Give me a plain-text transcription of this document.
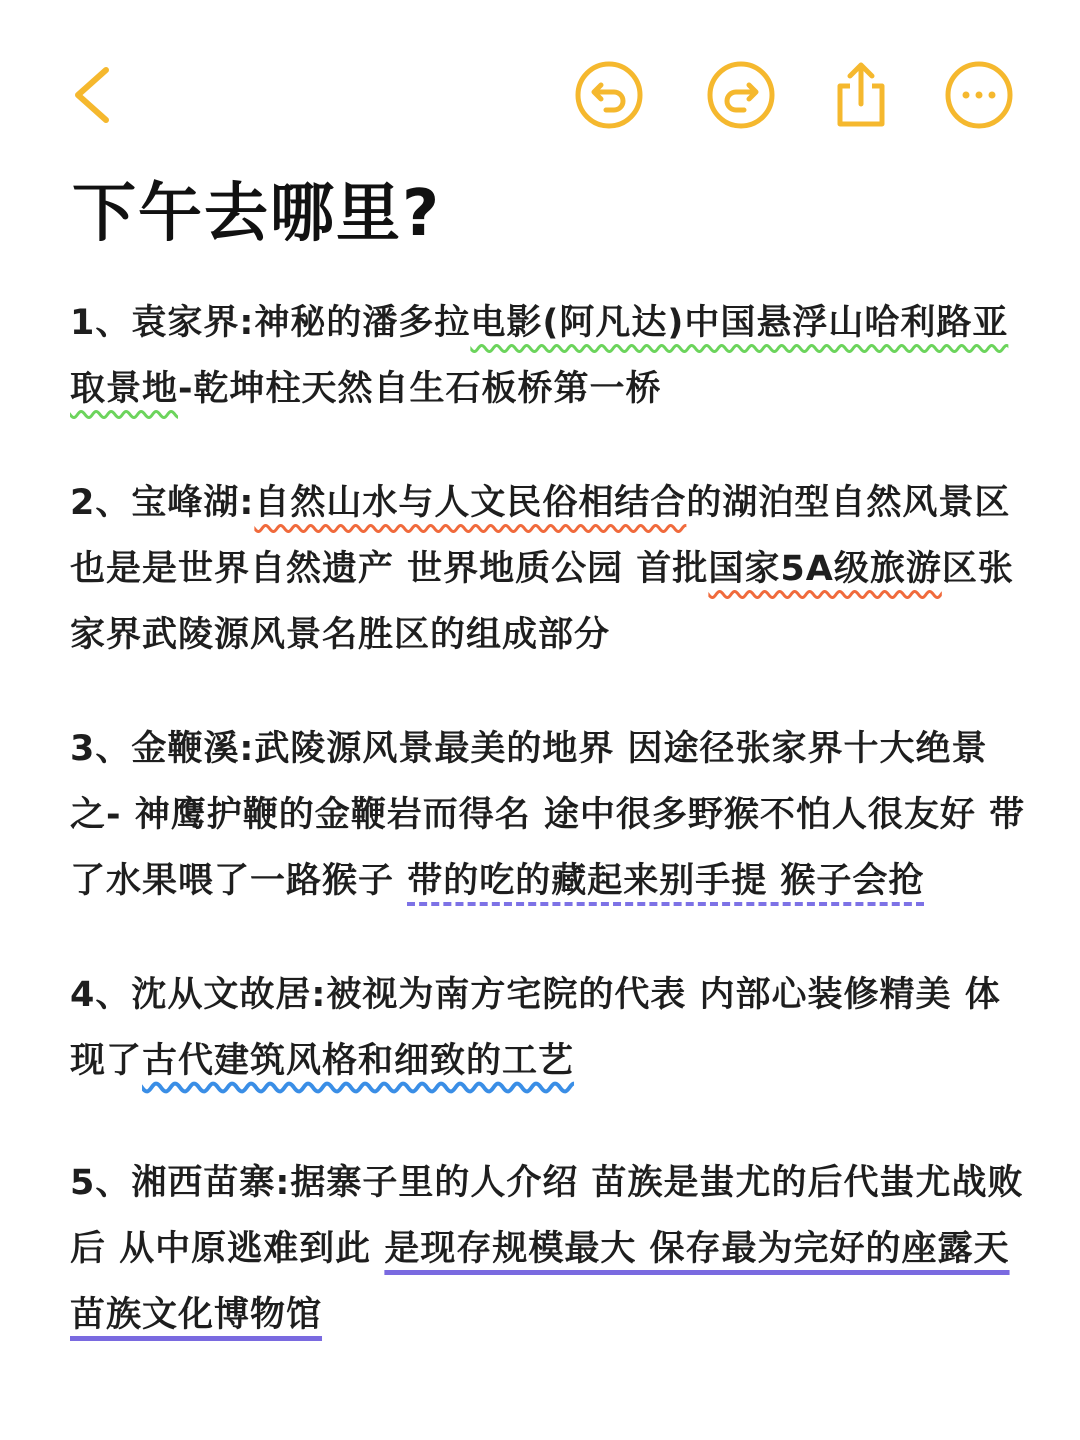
下午去哪里?
1、袁家界:神秘的潘多拉电影(阿凡达)中国悬浮山哈利路亚取景地-乾坤柱天然自生石板桥第一桥
2、宝峰湖:自然山水与人文民俗相结合的湖泊型自然风景区 也是是世界自然遗产 世界地质公园 首批国家5A级旅游区张家界武陵源风景名胜区的组成部分
3、金鞭溪:武陵源风景最美的地界 因途径张家界十大绝景之- 神鹰护鞭的金鞭岩而得名 途中很多野猴不怕人很友好 带了水果喂了一路猴子 带的吃的藏起来别手提 猴子会抢
4、沈从文故居:被视为南方宅院的代表 内部心装修精美 体现了古代建筑风格和细致的工艺
5、湘西苗寨:据寨子里的人介绍 苗族是蚩尤的后代蚩尤战败后 从中原逃难到此 是现存规模最大 保存最为完好的座露天苗族文化博物馆
